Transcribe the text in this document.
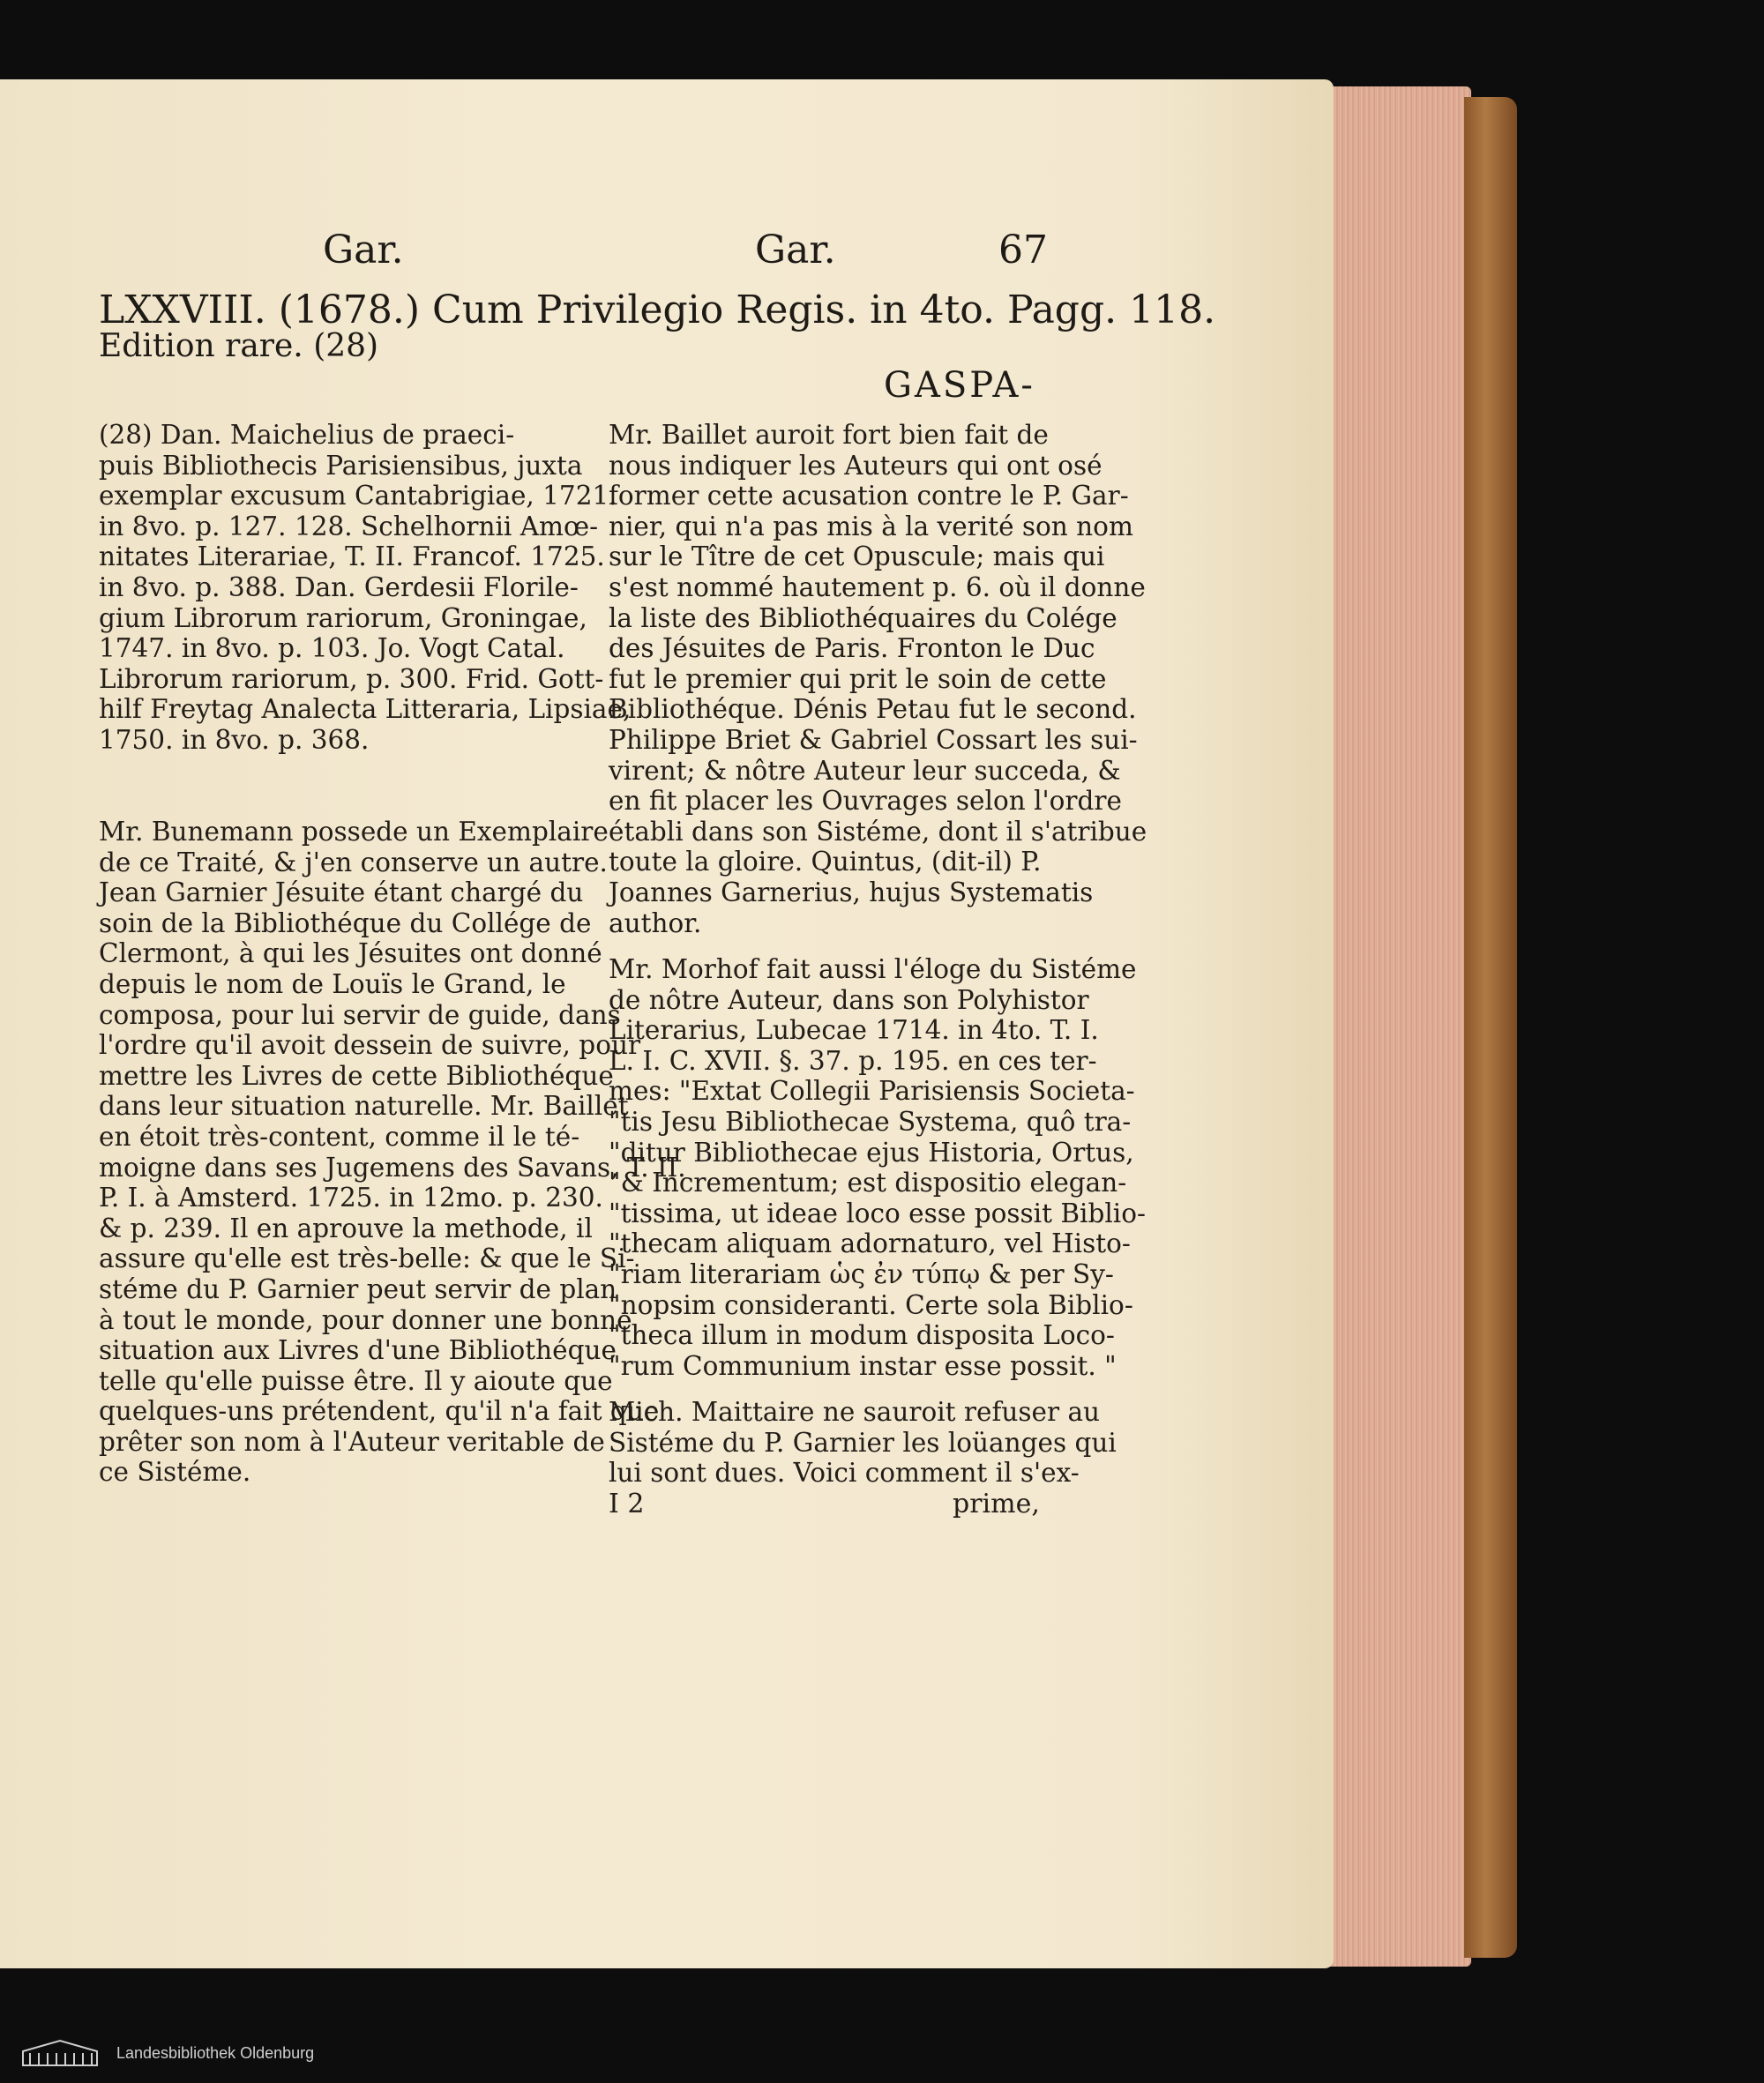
Gar.	Gar.	67
LXXVIII. (1678.) Cum Privilegio Regis. in 4to. Pagg. 118.
Edition rare. (28)
GASPA-

(28) Dan. Maichelius de praeci-

puis Bibliothecis Parisiensibus, juxta

exemplar excusum Cantabrigiae, 1721.

in 8vo. p. 127. 128. Schelhornii Amœ-

nitates Literariae, T. II. Francof. 1725.

in 8vo. p. 388. Dan. Gerdesii Florile-

gium Librorum rariorum, Groningae,

1747. in 8vo. p. 103. Jo. Vogt Catal.

Librorum rariorum, p. 300. Frid. Gott-

hilf Freytag Analecta Litteraria, Lipsiae,

1750. in 8vo. p. 368.

Mr. Bunemann possede un Exemplaire

de ce Traité, & j'en conserve un autre.

Jean Garnier Jésuite étant chargé du

soin de la Bibliothéque du Collége de

Clermont, à qui les Jésuites ont donné

depuis le nom de Louïs le Grand, le

composa, pour lui servir de guide, dans

l'ordre qu'il avoit dessein de suivre, pour

mettre les Livres de cette Bibliothéque

dans leur situation naturelle. Mr. Baillet

en étoit très-content, comme il le té-

moigne dans ses Jugemens des Savans, T. II.

P. I. à Amsterd. 1725. in 12mo. p. 230.

& p. 239. Il en aprouve la methode, il

assure qu'elle est très-belle: & que le Si-

stéme du P. Garnier peut servir de plan

à tout le monde, pour donner une bonne

situation aux Livres d'une Bibliothéque

telle qu'elle puisse être. Il y aioute que

quelques-uns prétendent, qu'il n'a fait que

prêter son nom à l'Auteur veritable de

ce Sistéme.

Mr. Baillet auroit fort bien fait de

nous indiquer les Auteurs qui ont osé

former cette acusation contre le P. Gar-

nier, qui n'a pas mis à la verité son nom

sur le Tître de cet Opuscule; mais qui

s'est nommé hautement p. 6. où il donne

la liste des Bibliothéquaires du Colége

des Jésuites de Paris. Fronton le Duc

fut le premier qui prit le soin de cette

Bibliothéque. Dénis Petau fut le second.

Philippe Briet & Gabriel Cossart les sui-

virent; & nôtre Auteur leur succeda, &

en fit placer les Ouvrages selon l'ordre

établi dans son Sistéme, dont il s'atribue

toute la gloire. Quintus, (dit-il) P.

Joannes Garnerius, hujus Systematis

author.

Mr. Morhof fait aussi l'éloge du Sistéme

de nôtre Auteur, dans son Polyhistor

Literarius, Lubecae 1714. in 4to. T. I.

L. I. C. XVII. §. 37. p. 195. en ces ter-

mes: "Extat Collegii Parisiensis Societa-

"tis Jesu Bibliothecae Systema, quô tra-

"ditur Bibliothecae ejus Historia, Ortus,

"& Incrementum; est dispositio elegan-

"tissima, ut ideae loco esse possit Biblio-

"thecam aliquam adornaturo, vel Histo-

"riam literariam ὡς ἐν τύπῳ & per Sy-

"nopsim consideranti. Certe sola Biblio-

"theca illum in modum disposita Loco-

"rum Communium instar esse possit. "

Mich. Maittaire ne sauroit refuser au

Sistéme du P. Garnier les loüanges qui

lui sont dues. Voici comment il s'ex-

I 2	prime,
Landesbibliothek Oldenburg
